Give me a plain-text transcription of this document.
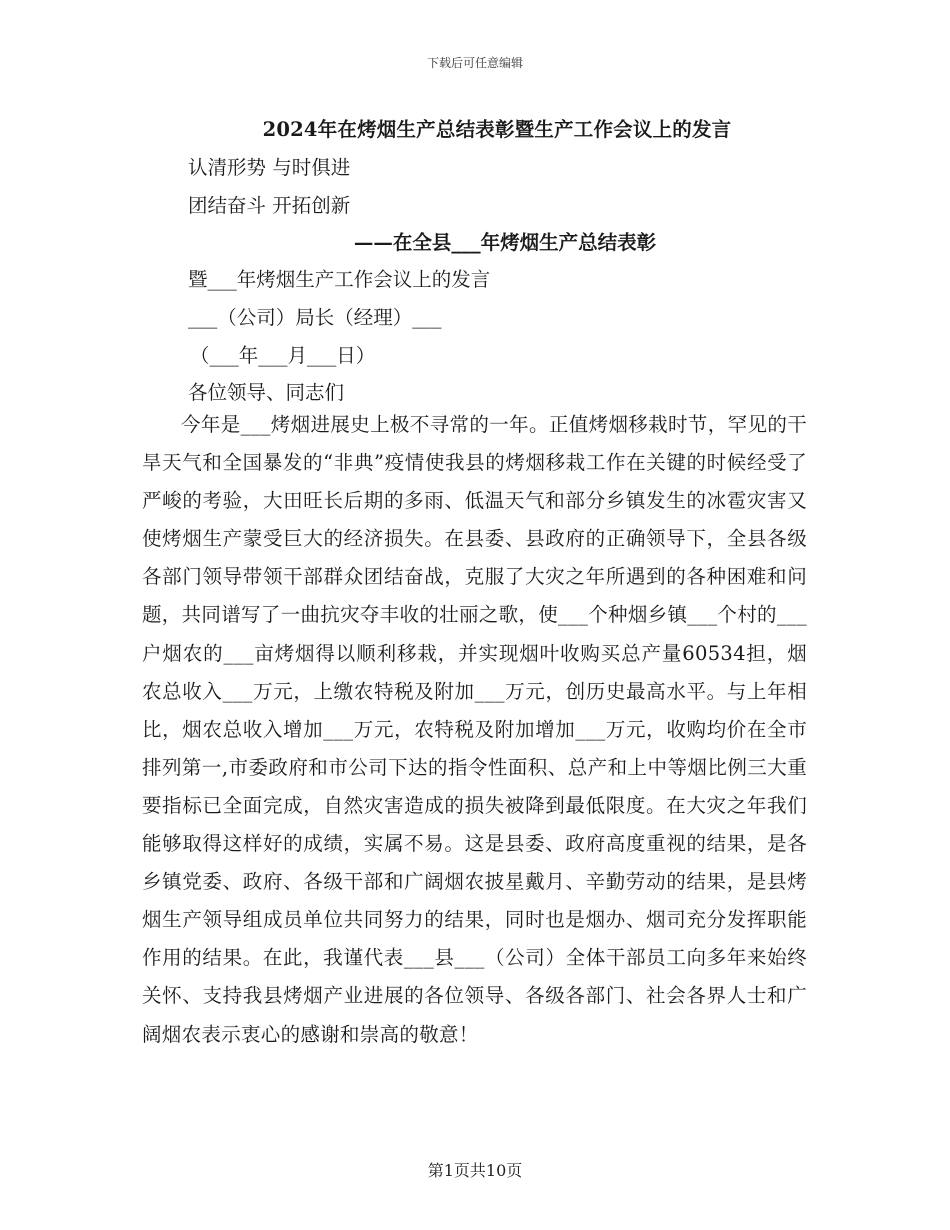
下载后可任意编辑
2024年在烤烟生产总结表彰暨生产工作会议上的发言
认清形势 与时俱进
团结奋斗 开拓创新
——在全县___年烤烟生产总结表彰
暨___年烤烟生产工作会议上的发言
___（公司）局长（经理）___
（___年___月___日）
各位领导、同志们
今年是___烤烟进展史上极不寻常的一年。正值烤烟移栽时节，罕见的干旱天气和全国暴发的“非典”疫情使我县的烤烟移栽工作在关键的时候经受了严峻的考验，大田旺长后期的多雨、低温天气和部分乡镇发生的冰雹灾害又使烤烟生产蒙受巨大的经济损失。在县委、县政府的正确领导下，全县各级各部门领导带领干部群众团结奋战，克服了大灾之年所遇到的各种困难和问题，共同谱写了一曲抗灾夺丰收的壮丽之歌，使___个种烟乡镇___个村的___户烟农的___亩烤烟得以顺利移栽，并实现烟叶收购买总产量60534担，烟农总收入___万元，上缴农特税及附加___万元，创历史最高水平。与上年相比，烟农总收入增加___万元，农特税及附加增加___万元，收购均价在全市排列第一,市委政府和市公司下达的指令性面积、总产和上中等烟比例三大重要指标已全面完成，自然灾害造成的损失被降到最低限度。在大灾之年我们能够取得这样好的成绩，实属不易。这是县委、政府高度重视的结果，是各乡镇党委、政府、各级干部和广阔烟农披星戴月、辛勤劳动的结果，是县烤烟生产领导组成员单位共同努力的结果，同时也是烟办、烟司充分发挥职能作用的结果。在此，我谨代表___县___（公司）全体干部员工向多年来始终关怀、支持我县烤烟产业进展的各位领导、各级各部门、社会各界人士和广阔烟农表示衷心的感谢和崇高的敬意！
第1页共10页
